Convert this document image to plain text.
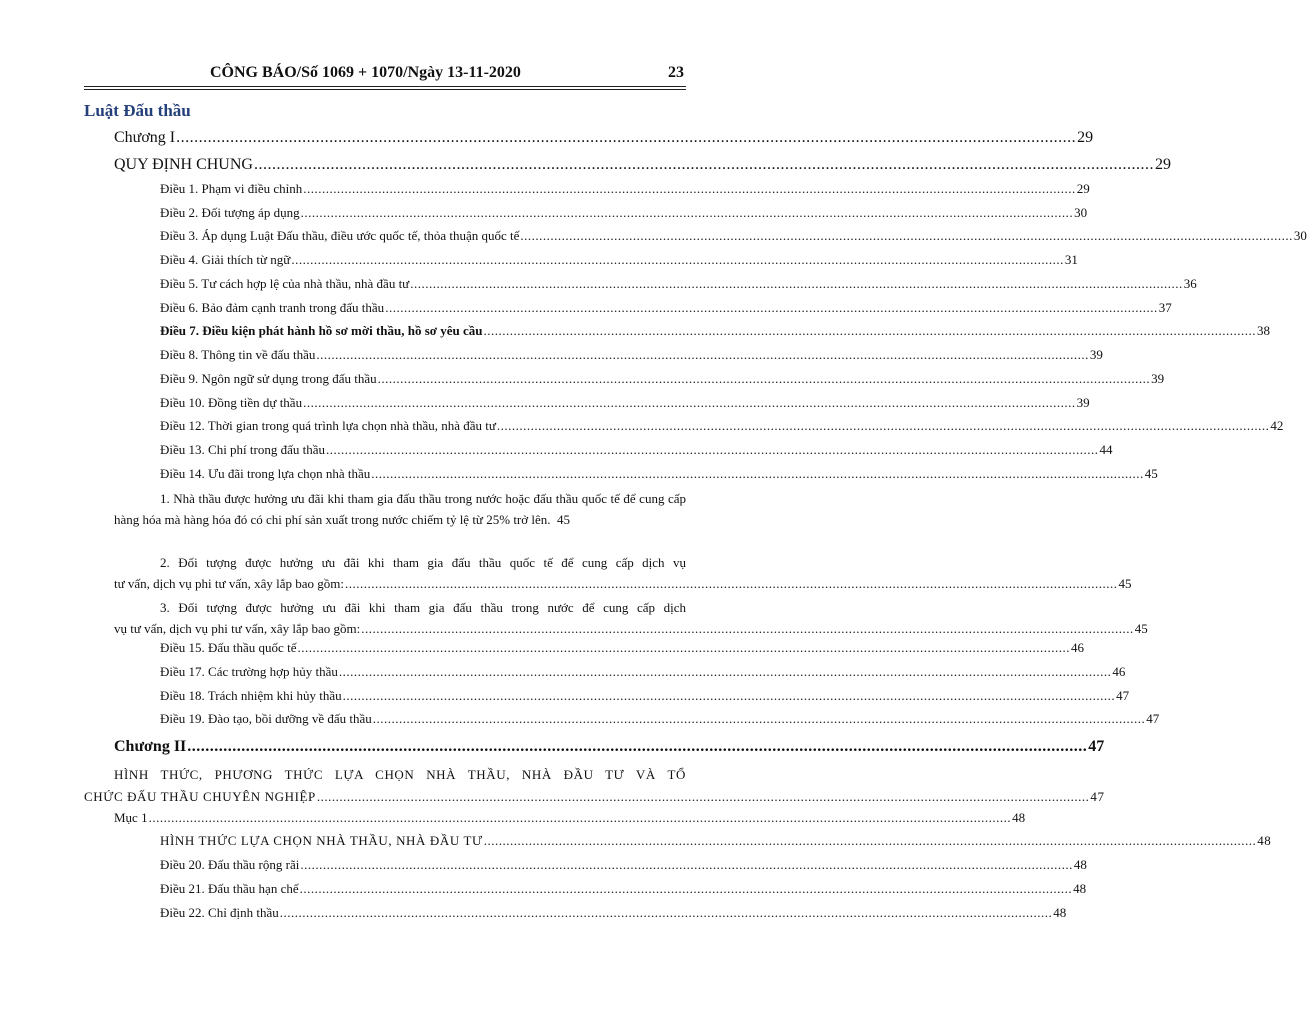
CÔNG BÁO/Số 1069 + 1070/Ngày 13-11-2020	23
Luật Đấu thầu
Chương I ........................................................................................................................................................................................................ 29
QUY ĐỊNH CHUNG ........................................................................................................................................................................................................ 29
Điều 1. Phạm vi điều chỉnh .............................................................................................................................................................................................................. 29
Điều 2. Đối tượng áp dụng .............................................................................................................................................................................................................. 30
Điều 3. Áp dụng Luật Đấu thầu, điều ước quốc tế, thỏa thuận quốc tế .............................................................................................................................................................................................................. 30
Điều 4. Giải thích từ ngữ .............................................................................................................................................................................................................. 31
Điều 5. Tư cách hợp lệ của nhà thầu, nhà đầu tư .............................................................................................................................................................................................................. 36
Điều 6. Bảo đảm cạnh tranh trong đấu thầu .............................................................................................................................................................................................................. 37
Điều 7. Điều kiện phát hành hồ sơ mời thầu, hồ sơ yêu cầu .............................................................................................................................................................................................................. 38
Điều 8. Thông tin về đấu thầu .............................................................................................................................................................................................................. 39
Điều 9. Ngôn ngữ sử dụng trong đấu thầu .............................................................................................................................................................................................................. 39
Điều 10. Đồng tiền dự thầu .............................................................................................................................................................................................................. 39
Điều 12. Thời gian trong quá trình lựa chọn nhà thầu, nhà đầu tư .............................................................................................................................................................................................................. 42
Điều 13. Chi phí trong đấu thầu .............................................................................................................................................................................................................. 44
Điều 14. Ưu đãi trong lựa chọn nhà thầu .............................................................................................................................................................................................................. 45
1. Nhà thầu được hưởng ưu đãi khi tham gia đấu thầu trong nước hoặc đấu thầu quốc tế để cung cấp hàng hóa mà hàng hóa đó có chi phí sản xuất trong nước chiếm tỷ lệ từ 25% trở lên. 45
2. Đối tượng được hưởng ưu đãi khi tham gia đấu thầu quốc tế để cung cấp dịch vụ
tư vấn, dịch vụ phi tư vấn, xây lắp bao gồm: .............................................................................................................................................................................................................. 45
3. Đối tượng được hưởng ưu đãi khi tham gia đấu thầu trong nước để cung cấp dịch
vụ tư vấn, dịch vụ phi tư vấn, xây lắp bao gồm: .............................................................................................................................................................................................................. 45
Điều 15. Đấu thầu quốc tế .............................................................................................................................................................................................................. 46
Điều 17. Các trường hợp hủy thầu .............................................................................................................................................................................................................. 46
Điều 18. Trách nhiệm khi hủy thầu .............................................................................................................................................................................................................. 47
Điều 19. Đào tạo, bồi dưỡng về đấu thầu .............................................................................................................................................................................................................. 47
Chương II ........................................................................................................................................................................................................ 47
HÌNH THỨC, PHƯƠNG THỨC LỰA CHỌN NHÀ THẦU, NHÀ ĐẦU TƯ VÀ TỔ
CHỨC ĐẤU THẦU CHUYÊN NGHIỆP .............................................................................................................................................................................................................. 47
Mục 1 ...................................................................................................................................................................................................................................... 48
HÌNH THỨC LỰA CHỌN NHÀ THẦU, NHÀ ĐẦU TƯ .............................................................................................................................................................................................................. 48
Điều 20. Đấu thầu rộng rãi .............................................................................................................................................................................................................. 48
Điều 21. Đấu thầu hạn chế .............................................................................................................................................................................................................. 48
Điều 22. Chỉ định thầu .............................................................................................................................................................................................................. 48
